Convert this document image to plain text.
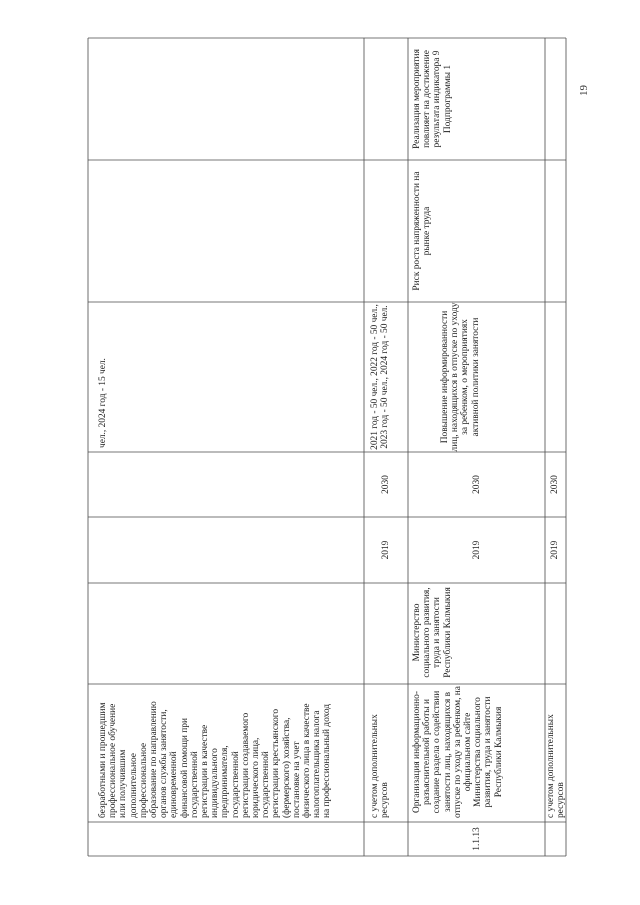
безработными и прошедшим профессиональное обучение или получившим дополнительное профессиональное образование по направлению органов службы занятости, единовременной финансовой помощи при государственной регистрации в качестве индивидуального предпринимателя, государственной регистрации создаваемого юридического лица, государственной регистрации крестьянского (фермерского) хозяйства, постановке на учет физического лица в качестве налогоплательщика налога на профессиональный доход
чел., 2024 год - 15 чел.
с учетом дополнительных ресурсов
2019
2030
2021 год - 50 чел., 2022 год - 50 чел., 2023 год - 50 чел., 2024 год - 50 чел.
1.1.13
Организация информационно-разъяснительной работы и создание раздела о содействии занятости лиц, находящихся в отпуске по уходу за ребенком, на официальном сайте Министерства социального развития, труда и занятости Республики Калмыкия
Министерство социального развития, труда и занятости Республики Калмыкия
2019
2030
Повышение информированности лиц, находящихся в отпуске по уходу за ребенком, о мероприятиях активной политики занятости
Риск роста напряженности на рынке труда
Реализация мероприятия повлияет на достижение результата индикатора 9 Подпрограммы 1
с учетом дополнительных ресурсов
2019
2030
19
